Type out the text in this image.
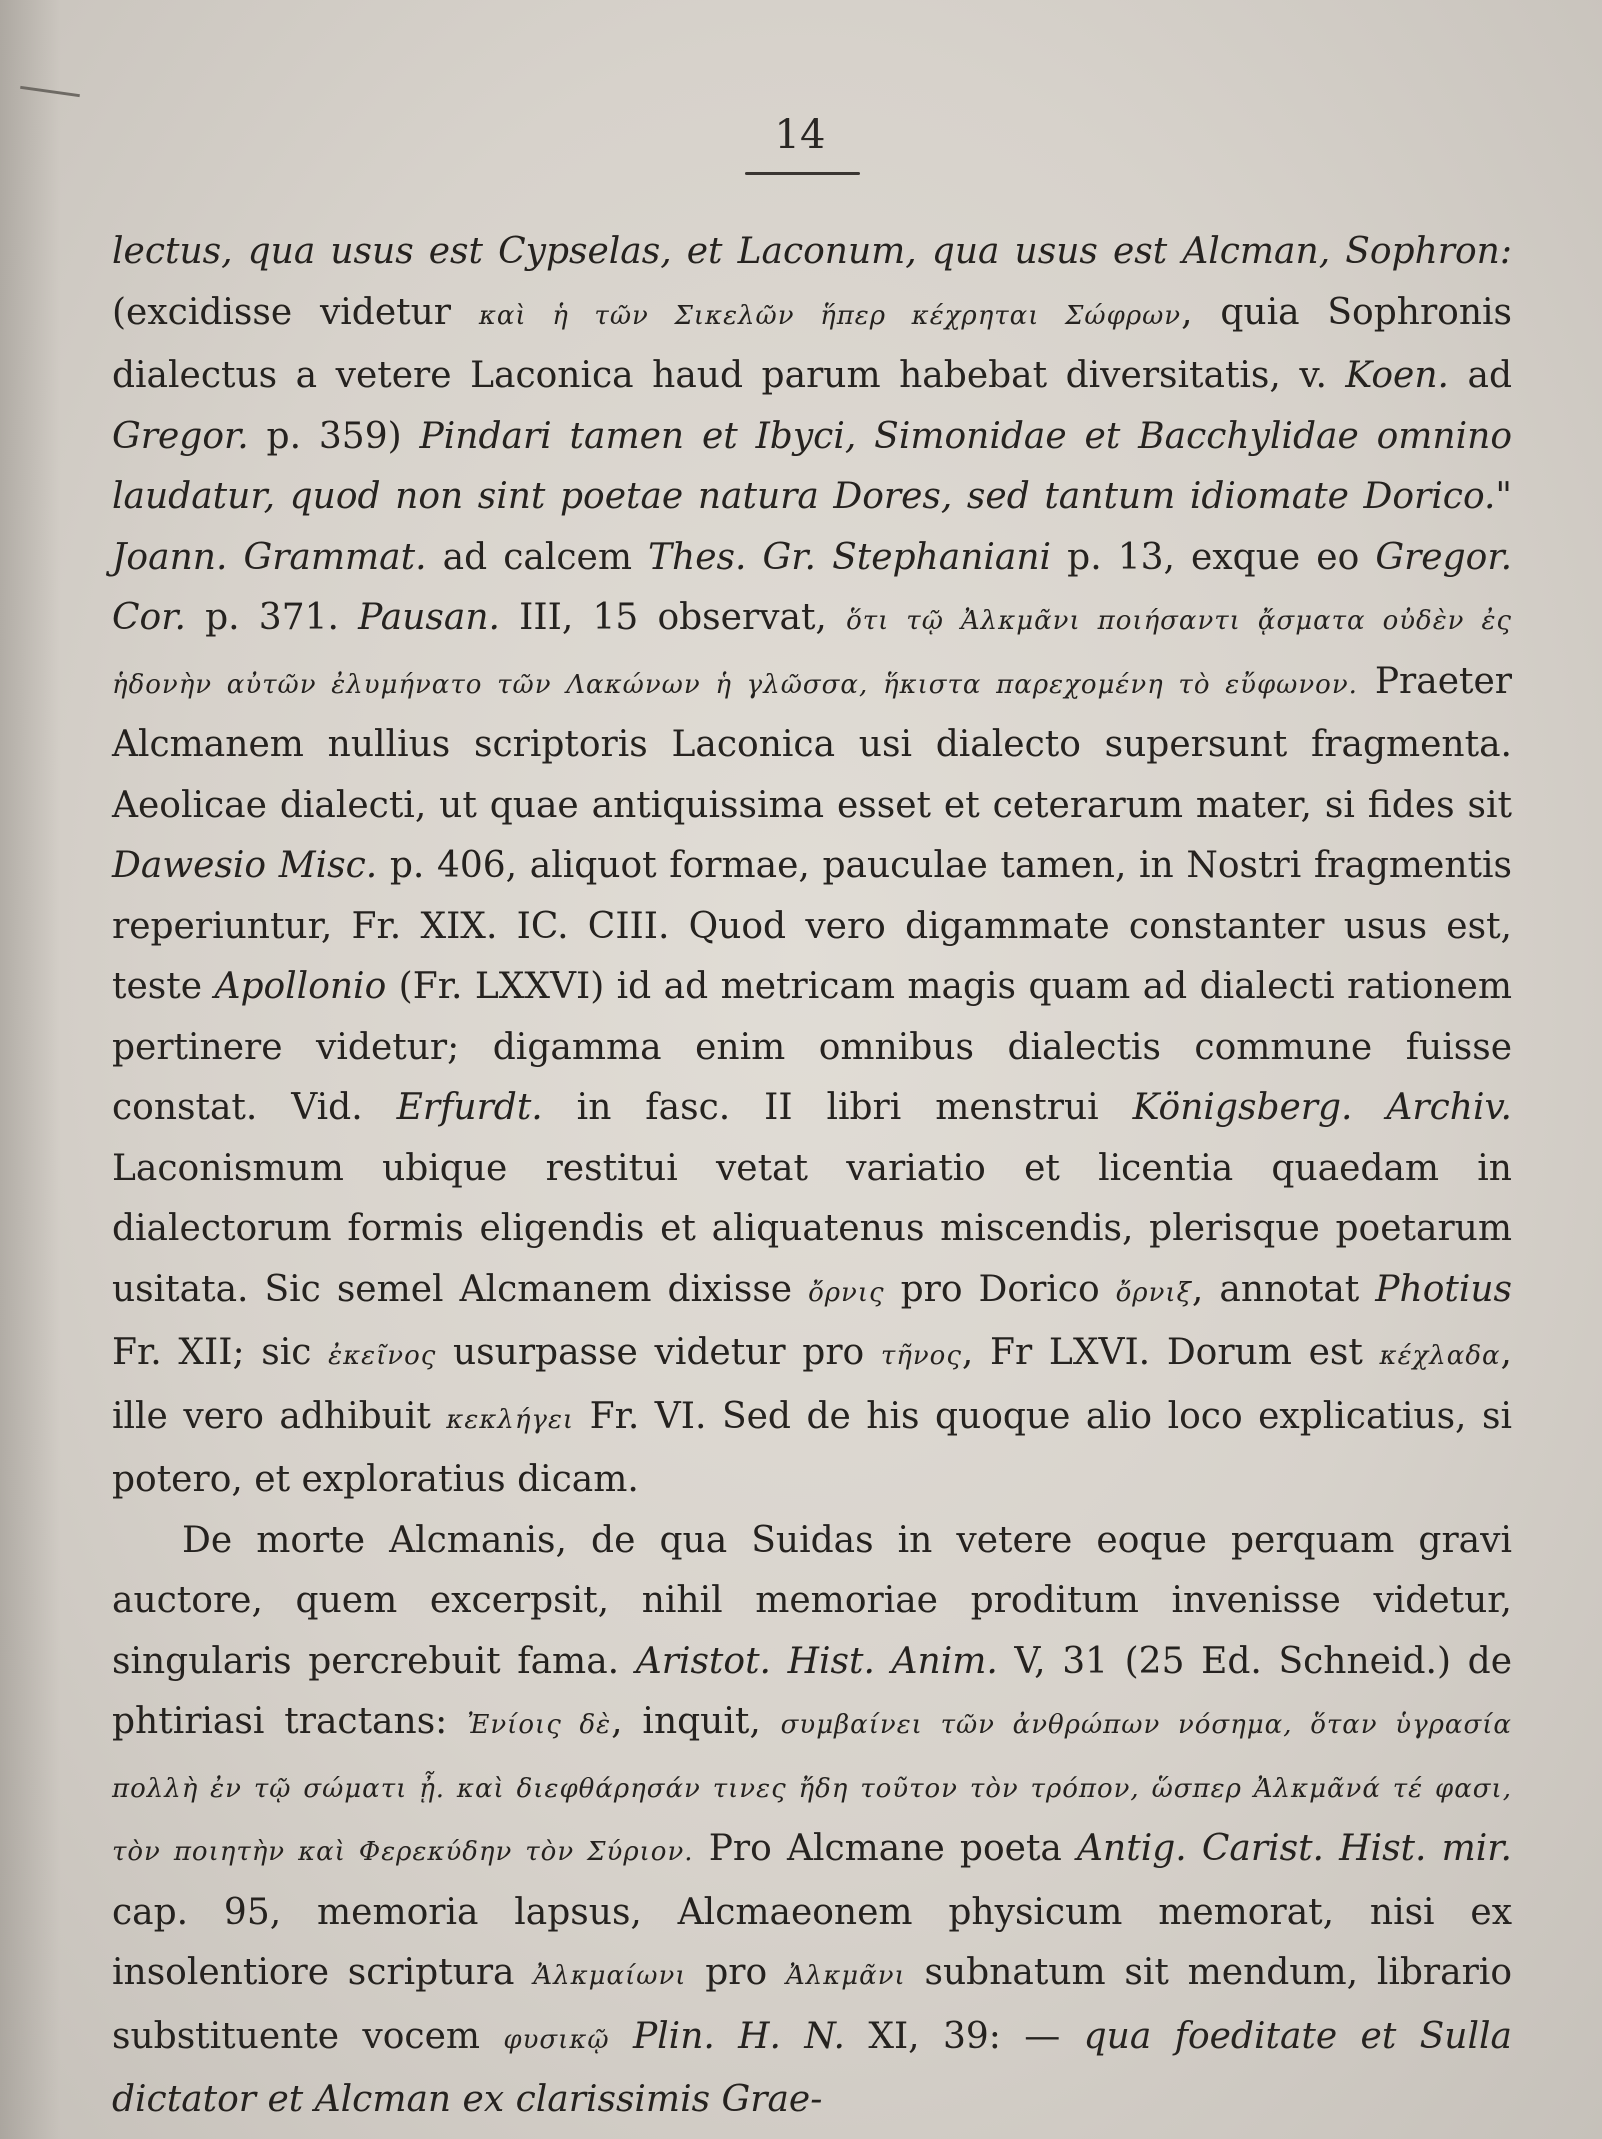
14

lectus, qua usus est Cypselas, et Laconum, qua usus est Alcman, Sophron: (excidisse videtur καὶ ἡ τῶν Σικελῶν ἥπερ κέχρηται Σώφρων, quia Sophronis dialectus a vetere Laconica haud parum habebat diversitatis, v. Koen. ad Gregor. p. 359) Pindari tamen et Ibyci, Simonidae et Bacchylidae omnino laudatur, quod non sint poetae natura Dores, sed tantum idiomate Dorico." Joann. Grammat. ad calcem Thes. Gr. Stephaniani p. 13, exque eo Gregor. Cor. p. 371. Pausan. III, 15 observat, ὅτι τῷ Ἀλκμᾶνι ποιήσαντι ᾄσματα οὐδὲν ἐς ἡδονὴν αὐτῶν ἐλυμήνατο τῶν Λακώνων ἡ γλῶσσα, ἥκιστα παρεχομένη τὸ εὔφωνον. Praeter Alcmanem nullius scriptoris Laconica usi dialecto supersunt fragmenta. Aeolicae dialecti, ut quae antiquissima esset et ceterarum mater, si fides sit Dawesio Misc. p. 406, aliquot formae, pauculae tamen, in Nostri fragmentis reperiuntur, Fr. XIX. IC. CIII. Quod vero digammate constanter usus est, teste Apollonio (Fr. LXXVI) id ad metricam magis quam ad dialecti rationem pertinere videtur; digamma enim omnibus dialectis commune fuisse constat. Vid. Erfurdt. in fasc. II libri menstrui Königsberg. Archiv. Laconismum ubique restitui vetat variatio et licentia quaedam in dialectorum formis eligendis et aliquatenus miscendis, plerisque poetarum usitata. Sic semel Alcmanem dixisse ὄρνις pro Dorico ὄρνιξ, annotat Photius Fr. XII; sic ἐκεῖνος usurpasse videtur pro τῆνος, Fr LXVI. Dorum est κέχλαδα, ille vero adhibuit κεκλήγει Fr. VI. Sed de his quoque alio loco explicatius, si potero, et exploratius dicam.

De morte Alcmanis, de qua Suidas in vetere eoque perquam gravi auctore, quem excerpsit, nihil memoriae proditum invenisse videtur, singularis percrebuit fama. Aristot. Hist. Anim. V, 31 (25 Ed. Schneid.) de phtiriasi tractans: Ἐνίοις δὲ, inquit, συμβαίνει τῶν ἀνθρώπων νόσημα, ὅταν ὑγρασία πολλὴ ἐν τῷ σώματι ᾖ. καὶ διεφθάρησάν τινες ἤδη τοῦτον τὸν τρόπον, ὥσπερ Ἀλκμᾶνά τέ φασι, τὸν ποιητὴν καὶ Φερεκύδην τὸν Σύριον. Pro Alcmane poeta Antig. Carist. Hist. mir. cap. 95, memoria lapsus, Alcmaeonem physicum memorat, nisi ex insolentiore scriptura Ἀλκμαίωνι pro Ἀλκμᾶνι subnatum sit mendum, librario substituente vocem φυσικῷ Plin. H. N. XI, 39: — qua foeditate et Sulla dictator et Alcman ex clarissimis Grae-
